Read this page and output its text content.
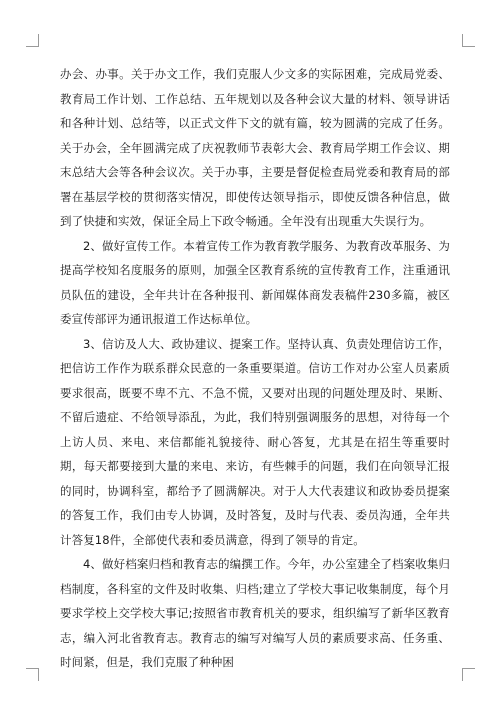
办会、办事。关于办文工作，我们克服人少文多的实际困难，完成局党委、教育局工作计划、工作总结、五年规划以及各种会议大量的材料、领导讲话和各种计划、总结等，以正式文件下文的就有篇，较为圆满的完成了任务。关于办会，全年圆满完成了庆祝教师节表彰大会、教育局学期工作会议、期末总结大会等各种会议次。关于办事，主要是督促检查局党委和教育局的部署在基层学校的贯彻落实情况，即使传达领导指示，即使反馈各种信息，做到了快捷和实效，保证全局上下政令畅通。全年没有出现重大失误行为。

2、做好宣传工作。本着宣传工作为教育教学服务、为教育改革服务、为提高学校知名度服务的原则，加强全区教育系统的宣传教育工作，注重通讯员队伍的建设，全年共计在各种报刊、新闻媒体商发表稿件230多篇，被区委宣传部评为通讯报道工作达标单位。

3、信访及人大、政协建议、提案工作。坚持认真、负责处理信访工作，把信访工作作为联系群众民意的一条重要渠道。信访工作对办公室人员素质要求很高，既要不卑不亢、不急不慌，又要对出现的问题处理及时、果断、不留后遗症、不给领导添乱，为此，我们特别强调服务的思想，对待每一个上访人员、来电、来信都能礼貌接待、耐心答复，尤其是在招生等重要时期，每天都要接到大量的来电、来访，有些棘手的问题，我们在向领导汇报的同时，协调科室，都给予了圆满解决。对于人大代表建议和政协委员提案的答复工作，我们由专人协调，及时答复，及时与代表、委员沟通，全年共计答复18件，全部使代表和委员满意，得到了领导的肯定。

4、做好档案归档和教育志的编撰工作。今年，办公室建全了档案收集归档制度，各科室的文件及时收集、归档;建立了学校大事记收集制度，每个月要求学校上交学校大事记;按照省市教育机关的要求，组织编写了新华区教育志，编入河北省教育志。教育志的编写对编写人员的素质要求高、任务重、时间紧，但是，我们克服了种种困
